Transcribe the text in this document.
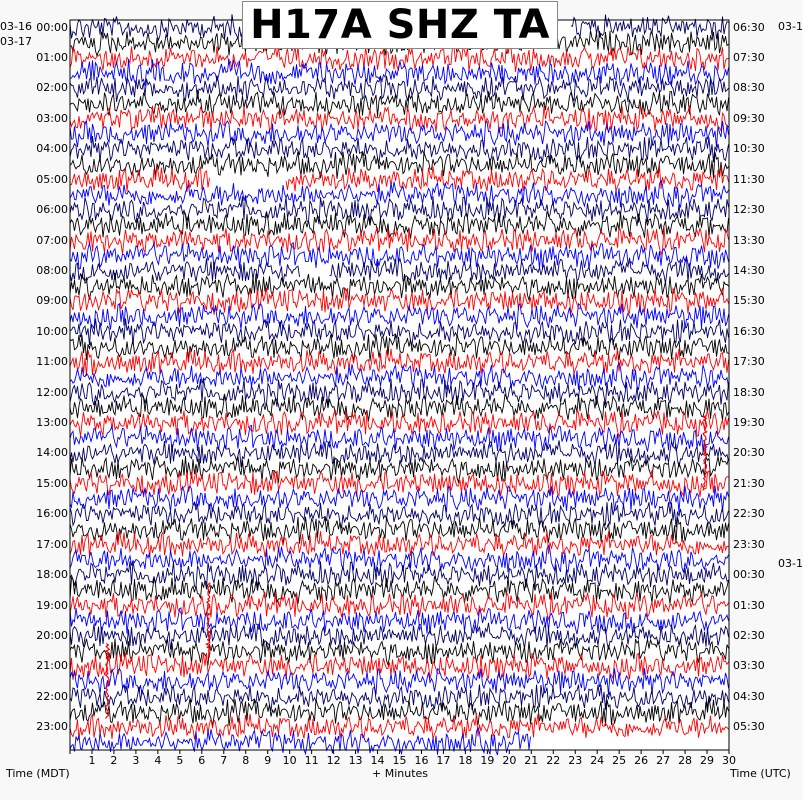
H17A SHZ TA
03-16
03-17
03-1
03-1
00:00
01:00
02:00
03:00
04:00
05:00
06:00
07:00
08:00
09:00
10:00
11:00
12:00
13:00
14:00
15:00
16:00
17:00
18:00
19:00
20:00
21:00
22:00
23:00
06:30
07:30
08:30
09:30
10:30
11:30
12:30
13:30
14:30
15:30
16:30
17:30
18:30
19:30
20:30
21:30
22:30
23:30
00:30
01:30
02:30
03:30
04:30
05:30
1	2	3	4	5	6	7	8	9	10 11 12 13 14 15 16 17 18 19 20 21 22 23 24 25 26 27 28 29 30
Time (MDT)	+ Minutes	Time (UTC)
